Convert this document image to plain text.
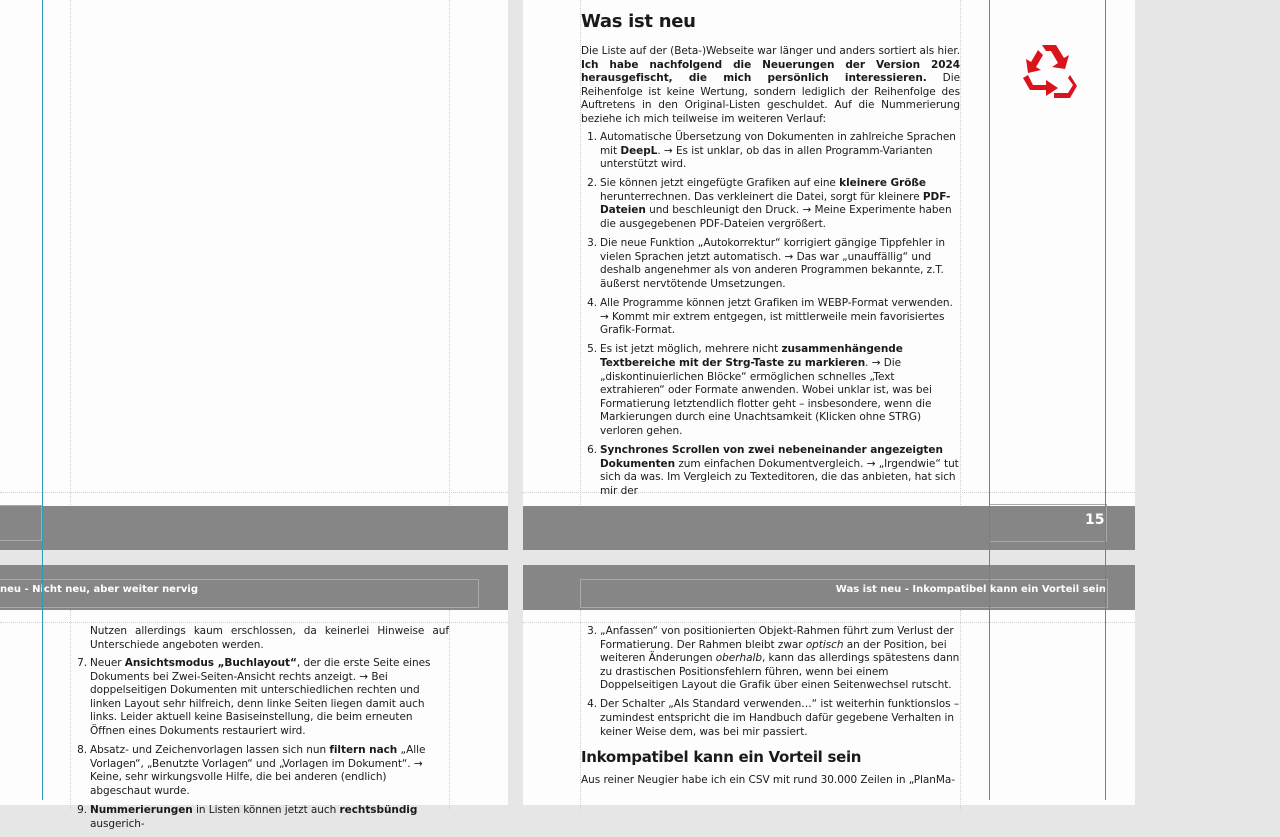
Was ist neu
Die Liste auf der (Beta-)Webseite war länger und anders sortiert als hier. Ich habe nachfolgend die Neuerungen der Version 2024 herausgefischt, die mich persönlich interessieren. Die Reihenfolge ist keine Wertung, sondern lediglich der Reihenfolge des Auftretens in den Original-Listen geschuldet. Auf die Nummerierung beziehe ich mich teilweise im weiteren Verlauf:
1. Automatische Übersetzung von Dokumenten in zahlreiche Sprachen mit DeepL. → Es ist unklar, ob das in allen Programm-Varianten unterstützt wird.
2. Sie können jetzt eingefügte Grafiken auf eine kleinere Größe herunterrechnen. Das verkleinert die Datei, sorgt für kleinere PDF-Dateien und beschleunigt den Druck. → Meine Experimente haben die ausgegebenen PDF-Dateien vergrößert.
3. Die neue Funktion „Autokorrektur“ korrigiert gängige Tippfehler in vielen Sprachen jetzt automatisch. → Das war „unauffällig“ und deshalb angenehmer als von anderen Programmen bekannte, z.T. äußerst nervtötende Umsetzungen.
4. Alle Programme können jetzt Grafiken im WEBP-Format verwenden. → Kommt mir extrem entgegen, ist mittlerweile mein favorisiertes Grafik-Format.
5. Es ist jetzt möglich, mehrere nicht zusammenhängende Textbereiche mit der Strg-Taste zu markieren. → Die „diskontinuierlichen Blöcke“ ermöglichen schnelles „Text extrahieren“ oder Formate anwenden. Wobei unklar ist, was bei Formatierung letztendlich flotter geht – insbesondere, wenn die Markierungen durch eine Unachtsamkeit (Klicken ohne STRG) verloren gehen.
6. Synchrones Scrollen von zwei nebeneinander angezeigten Dokumenten zum einfachen Dokumentvergleich. → „Irgendwie“ tut sich da was. Im Vergleich zu Texteditoren, die das anbieten, hat sich mir der
15
neu - Nicht neu, aber weiter nervig
Nutzen allerdings kaum erschlossen, da keinerlei Hinweise auf Unterschiede angeboten werden.
7. Neuer Ansichtsmodus „Buchlayout“, der die erste Seite eines Dokuments bei Zwei-Seiten-Ansicht rechts anzeigt. → Bei doppelseitigen Dokumenten mit unterschiedlichen rechten und linken Layout sehr hilfreich, denn linke Seiten liegen damit auch links. Leider aktuell keine Basiseinstellung, die beim erneuten Öffnen eines Dokuments restauriert wird.
8. Absatz- und Zeichenvorlagen lassen sich nun filtern nach „Alle Vorlagen“, „Benutzte Vorlagen“ und „Vorlagen im Dokument“. → Keine, sehr wirkungsvolle Hilfe, die bei anderen (endlich) abgeschaut wurde.
9. Nummerierungen in Listen können jetzt auch rechtsbündig ausgerich-
Was ist neu - Inkompatibel kann ein Vorteil sein
3. „Anfassen“ von positionierten Objekt-Rahmen führt zum Verlust der Formatierung. Der Rahmen bleibt zwar optisch an der Position, bei weiteren Änderungen oberhalb, kann das allerdings spätestens dann zu drastischen Positionsfehlern führen, wenn bei einem Doppelseitigen Layout die Grafik über einen Seitenwechsel rutscht.
4. Der Schalter „Als Standard verwenden…“ ist weiterhin funktionslos – zumindest entspricht die im Handbuch dafür gegebene Verhalten in keiner Weise dem, was bei mir passiert.
Inkompatibel kann ein Vorteil sein
Aus reiner Neugier habe ich ein CSV mit rund 30.000 Zeilen in „PlanMa-
